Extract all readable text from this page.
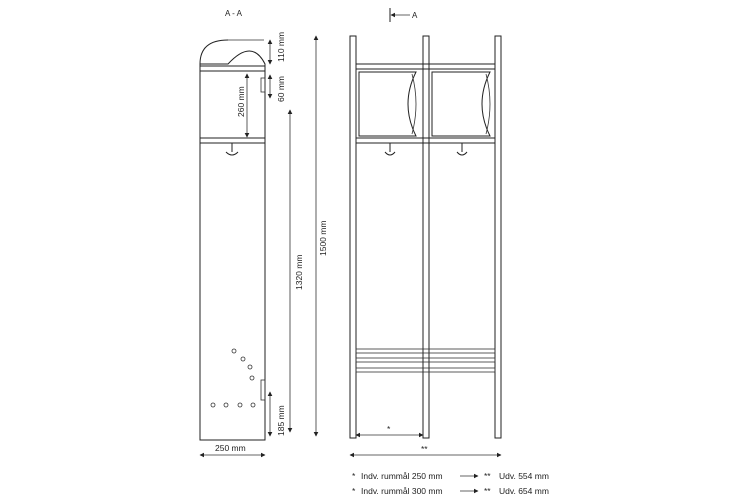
A - A
260 mm
110 mm
60 mm
1320 mm
185 mm
250 mm
A
1500 mm
*
**
* Indv. rummål 250 mm	** Udv. 554 mm
* Indv. rummål 300 mm	** Udv. 654 mm
